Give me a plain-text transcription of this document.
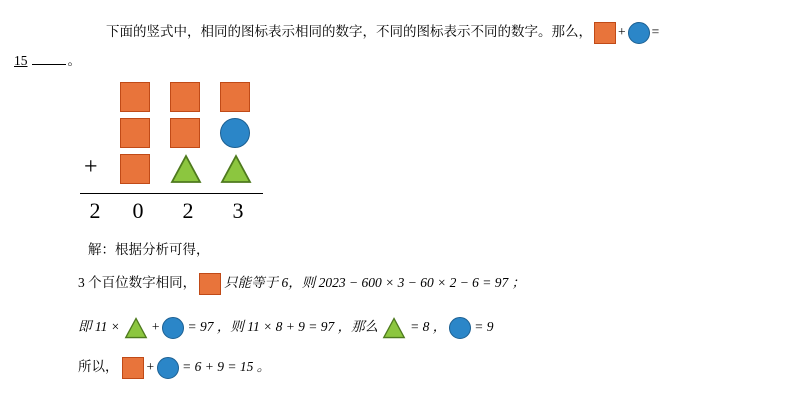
下面的竖式中，相同的图标表示相同的数字，不同的图标表示不同的数字。那么， + =
15	。
+
2	0	2	3
解：根据分析可得，
3 个百位数字相同， 只能等于 6，则 2023 − 600 × 3 − 60 × 2 − 6 = 97 ；
即 11 × + = 97 ，则 11 × 8 + 9 = 97 ，那么 = 8 ， = 9
所以， + = 6 + 9 = 15 。
